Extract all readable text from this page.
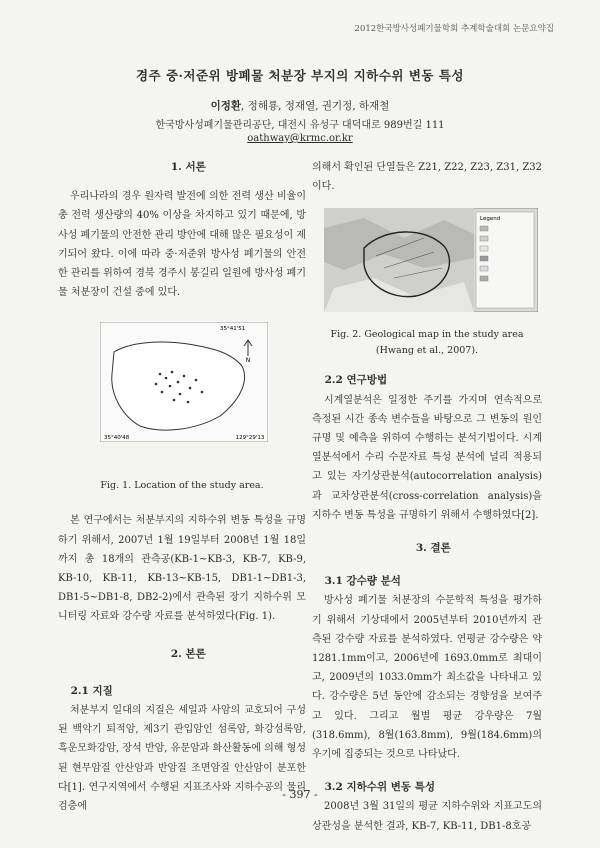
2012한국방사성폐기물학회 추계학술대회 논문요약집
경주 중·저준위 방폐물 처분장 부지의 지하수위 변동 특성
이정환, 정해룡, 정재열, 권기정, 하재철
한국방사성폐기물관리공단, 대전시 유성구 대덕대로 989번길 111
oathway@krmc.or.kr

1. 서론

우리나라의 경우 원자력 발전에 의한 전력 생산 비율이 총 전력 생산량의 40% 이상을 차지하고 있기 때문에, 방사성 폐기물의 안전한 관리 방안에 대해 많은 필요성이 제기되어 왔다. 이에 따라 중·저준위 방사성 폐기물의 안전한 관리를 위하여 경북 경주시 봉길리 일원에 방사성 폐기물 처분장이 건설 중에 있다.

본 연구에서는 처분부지의 지하수위 변동 특성을 규명하기 위해서, 2007년 1월 19일부터 2008년 1월 18일까지 총 18개의 관측공(KB-1~KB-3, KB-7, KB-9, KB-10, KB-11, KB-13~KB-15, DB1-1~DB1-3, DB1-5~DB1-8, DB2-2)에서 관측된 장기 지하수위 모니터링 자료와 강수량 자료를 분석하였다(Fig. 1).

2. 본론

2.1 지질

처분부지 일대의 지질은 셰일과 사암의 교호되어 구성된 백악기 퇴적암, 제3기 관입암인 섬록암, 화강섬록암, 흑운모화강암, 장석 반암, 유문암과 화산활동에 의해 형성된 현무암질 안산암과 반암질 조면암질 안산암이 분포한다[1]. 연구지역에서 수행된 지표조사와 지하수공의 물리검층에

N
35°41'51
35°40'48	129°29'13
Fig. 1. Location of the study area.

의해서 확인된 단열들은 Z21, Z22, Z23, Z31, Z32이다.

2.2 연구방법

시계열분석은 일정한 주기를 가지며 연속적으로 측정된 시간 종속 변수들을 바탕으로 그 변동의 원인 규명 및 예측을 위하여 수행하는 분석기법이다. 시계열분석에서 수리 수문자료 특성 분석에 널리 적용되고 있는 자기상관분석(autocorrelation analysis)과 교차상관분석(cross-correlation analysis)을 지하수 변동 특성을 규명하기 위해서 수행하였다[2].

3. 결론

3.1 강수량 분석

방사성 폐기물 처분장의 수문학적 특성을 평가하기 위해서 기상대에서 2005년부터 2010년까지 관측된 강수량 자료를 분석하였다. 연평균 강수량은 약 1281.1mm이고, 2006년에 1693.0mm로 최대이고, 2009년의 1033.0mm가 최소값을 나타내고 있다. 강수량은 5년 동안에 감소되는 경향성을 보여주고 있다. 그리고 월별 평균 강우량은 7월(318.6mm), 8월(163.8mm), 9월(184.6mm)의 우기에 집중되는 것으로 나타났다.

3.2 지하수위 변동 특성

2008년 3월 31일의 평균 지하수위와 지표고도의 상관성을 분석한 결과, KB-7, KB-11, DB1-8호공

Legend
Fig. 2. Geological map in the study area
(Hwang et al., 2007).
- 397 -
